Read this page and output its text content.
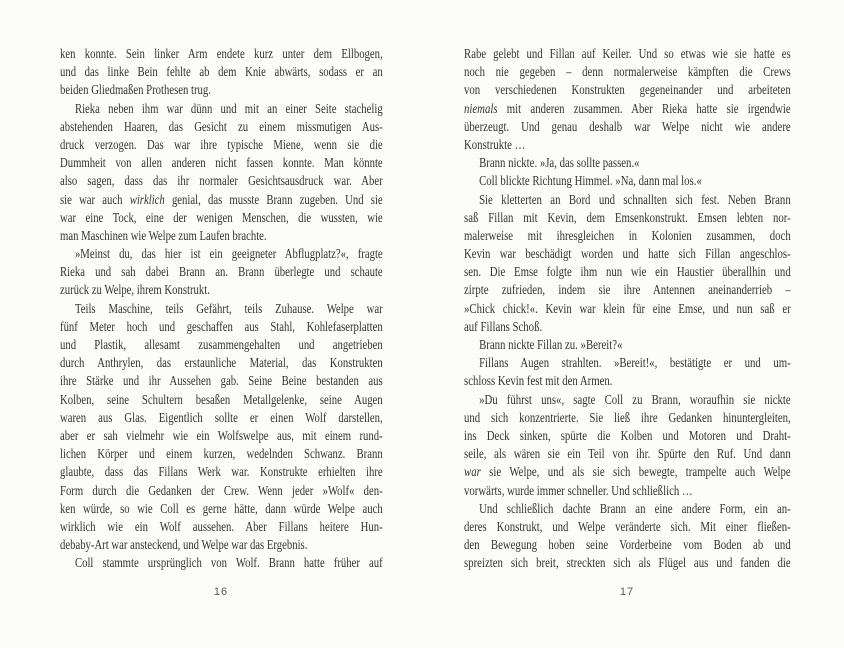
ken konnte. Sein linker Arm endete kurz unter dem Ellbogen,
und das linke Bein fehlte ab dem Knie abwärts, sodass er an
beiden Gliedmaßen Prothesen trug.
Rieka neben ihm war dünn und mit an einer Seite stachelig
abstehenden Haaren, das Gesicht zu einem missmutigen Aus-
druck verzogen. Das war ihre typische Miene, wenn sie die
Dummheit von allen anderen nicht fassen konnte. Man könnte
also sagen, dass das ihr normaler Gesichtsausdruck war. Aber
sie war auch wirklich genial, das musste Brann zugeben. Und sie
war eine Tock, eine der wenigen Menschen, die wussten, wie
man Maschinen wie Welpe zum Laufen brachte.
»Meinst du, das hier ist ein geeigneter Abflugplatz?«, fragte
Rieka und sah dabei Brann an. Brann überlegte und schaute
zurück zu Welpe, ihrem Konstrukt.
Teils Maschine, teils Gefährt, teils Zuhause. Welpe war
fünf Meter hoch und geschaffen aus Stahl, Kohlefaserplatten
und Plastik, allesamt zusammengehalten und angetrieben
durch Anthrylen, das erstaunliche Material, das Konstrukten
ihre Stärke und ihr Aussehen gab. Seine Beine bestanden aus
Kolben, seine Schultern besaßen Metallgelenke, seine Augen
waren aus Glas. Eigentlich sollte er einen Wolf darstellen,
aber er sah vielmehr wie ein Wolfswelpe aus, mit einem rund-
lichen Körper und einem kurzen, wedelnden Schwanz. Brann
glaubte, dass das Fillans Werk war. Konstrukte erhielten ihre
Form durch die Gedanken der Crew. Wenn jeder »Wolf« den-
ken würde, so wie Coll es gerne hätte, dann würde Welpe auch
wirklich wie ein Wolf aussehen. Aber Fillans heitere Hun-
debaby-Art war ansteckend, und Welpe war das Ergebnis.
Coll stammte ursprünglich von Wolf. Brann hatte früher auf
Rabe gelebt und Fillan auf Keiler. Und so etwas wie sie hatte es
noch nie gegeben – denn normalerweise kämpften die Crews
von verschiedenen Konstrukten gegeneinander und arbeiteten
niemals mit anderen zusammen. Aber Rieka hatte sie irgendwie
überzeugt. Und genau deshalb war Welpe nicht wie andere
Konstrukte …
Brann nickte. »Ja, das sollte passen.«
Coll blickte Richtung Himmel. »Na, dann mal los.«
Sie kletterten an Bord und schnallten sich fest. Neben Brann
saß Fillan mit Kevin, dem Emsenkonstrukt. Emsen lebten nor-
malerweise mit ihresgleichen in Kolonien zusammen, doch
Kevin war beschädigt worden und hatte sich Fillan angeschlos-
sen. Die Emse folgte ihm nun wie ein Haustier überallhin und
zirpte zufrieden, indem sie ihre Antennen aneinanderrieb –
»Chick chick!«. Kevin war klein für eine Emse, und nun saß er
auf Fillans Schoß.
Brann nickte Fillan zu. »Bereit?«
Fillans Augen strahlten. »Bereit!«, bestätigte er und um-
schloss Kevin fest mit den Armen.
»Du führst uns«, sagte Coll zu Brann, woraufhin sie nickte
und sich konzentrierte. Sie ließ ihre Gedanken hinuntergleiten,
ins Deck sinken, spürte die Kolben und Motoren und Draht-
seile, als wären sie ein Teil von ihr. Spürte den Ruf. Und dann
war sie Welpe, und als sie sich bewegte, trampelte auch Welpe
vorwärts, wurde immer schneller. Und schließlich …
Und schließlich dachte Brann an eine andere Form, ein an-
deres Konstrukt, und Welpe veränderte sich. Mit einer fließen-
den Bewegung hoben seine Vorderbeine vom Boden ab und
spreizten sich breit, streckten sich als Flügel aus und fanden die
16	17
